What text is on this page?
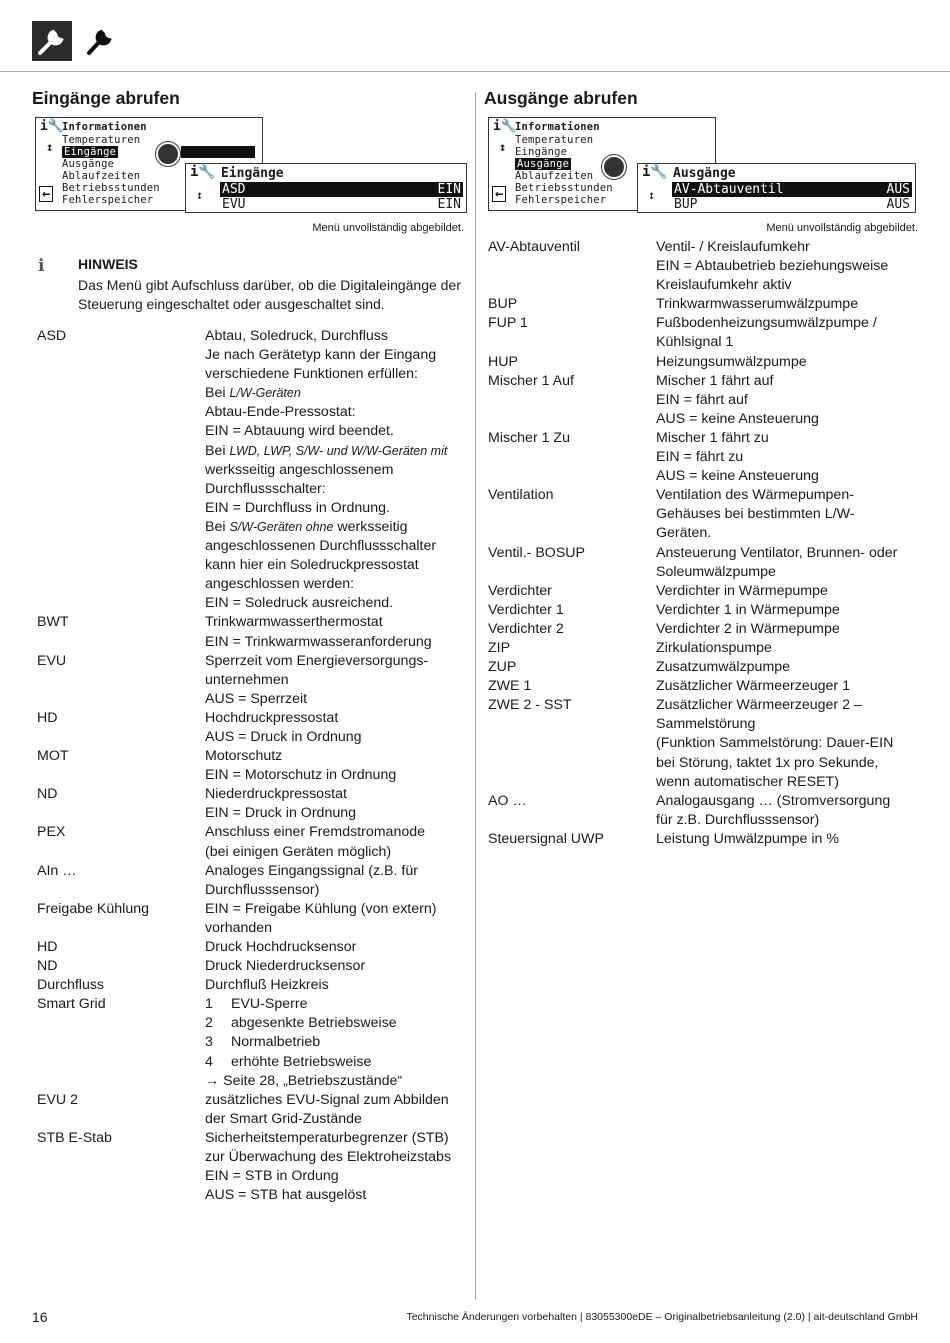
Eingänge abrufen
i🔧
↕
←
Informationen
Temperaturen
Eingänge
Ausgänge
Ablaufzeiten
Betriebsstunden
Fehlerspeicher
i🔧
↕
Eingänge
ASD	EIN
EVU	EIN
Menü unvollständig abgebildet.
ℹ	HINWEIS
Das Menü gibt Aufschluss darüber, ob die Digitaleingänge der Steuerung eingeschaltet oder ausgeschaltet sind.
ASD	Abtau, Soledruck, Durchfluss
Je nach Gerätetyp kann der Eingang
verschiedene Funktionen erfüllen:
Bei L/W-Geräten
Abtau-Ende-Pressostat:
EIN = Abtauung wird beendet.
Bei LWD, LWP, S/W- und W/W-Geräten mit
werksseitig angeschlossenem
Durchflussschalter:
EIN = Durchfluss in Ordnung.
Bei S/W-Geräten ohne werksseitig
angeschlossenen Durchflussschalter
kann hier ein Soledruckpressostat
angeschlossen werden:
EIN = Soledruck ausreichend.
BWT	Trinkwarmwasserthermostat
EIN = Trinkwarmwasseranforderung
EVU	Sperrzeit vom Energieversorgungs-
unternehmen
AUS = Sperrzeit
HD	Hochdruckpressostat
AUS = Druck in Ordnung
MOT	Motorschutz
EIN = Motorschutz in Ordnung
ND	Niederdruckpressostat
EIN = Druck in Ordnung
PEX	Anschluss einer Fremdstromanode
(bei einigen Geräten möglich)
AIn …	Analoges Eingangssignal (z.B. für
Durchflusssensor)
Freigabe Kühlung	EIN = Freigabe Kühlung (von extern)
vorhanden
HD	Druck Hochdrucksensor
ND	Druck Niederdrucksensor
Durchfluss	Durchfluß Heizkreis
Smart Grid	1 EVU-Sperre
2 abgesenkte Betriebsweise
3 Normalbetrieb
4 erhöhte Betriebsweise
→ Seite 28, „Betriebszustände“
EVU 2	zusätzliches EVU-Signal zum Abbilden
der Smart Grid-Zustände
STB E-Stab	Sicherheitstemperaturbegrenzer (STB)
zur Überwachung des Elektroheizstabs
EIN = STB in Ordung
AUS = STB hat ausgelöst
Ausgänge abrufen
i🔧
↕
←
Informationen
Temperaturen
Eingänge
Ausgänge
Ablaufzeiten
Betriebsstunden
Fehlerspeicher
i🔧
↕
Ausgänge
AV-Abtauventil	AUS
BUP	AUS
Menü unvollständig abgebildet.
AV-Abtauventil	Ventil- / Kreislaufumkehr
EIN = Abtaubetrieb beziehungsweise
Kreislaufumkehr aktiv
BUP	Trinkwarmwasserumwälzpumpe
FUP 1	Fußbodenheizungsumwälzpumpe /
Kühlsignal 1
HUP	Heizungsumwälzpumpe
Mischer 1 Auf	Mischer 1 fährt auf
EIN = fährt auf
AUS = keine Ansteuerung
Mischer 1 Zu	Mischer 1 fährt zu
EIN = fährt zu
AUS = keine Ansteuerung
Ventilation	Ventilation des Wärmepumpen-
Gehäuses bei bestimmten L/W-
Geräten.
Ventil.- BOSUP	Ansteuerung Ventilator, Brunnen- oder
Soleumwälzpumpe
Verdichter	Verdichter in Wärmepumpe
Verdichter 1	Verdichter 1 in Wärmepumpe
Verdichter 2	Verdichter 2 in Wärmepumpe
ZIP	Zirkulationspumpe
ZUP	Zusatzumwälzpumpe
ZWE 1	Zusätzlicher Wärmeerzeuger 1
ZWE 2 - SST	Zusätzlicher Wärmeerzeuger 2 –
Sammelstörung
(Funktion Sammelstörung: Dauer-EIN
bei Störung, taktet 1x pro Sekunde,
wenn automatischer RESET)
AO …	Analogausgang … (Stromversorgung
für z.B. Durchflusssensor)
Steuersignal UWP	Leistung Umwälzpumpe in %
16	Technische Änderungen vorbehalten | 83055300eDE – Originalbetriebsanleitung (2.0) | ait-deutschland GmbH
